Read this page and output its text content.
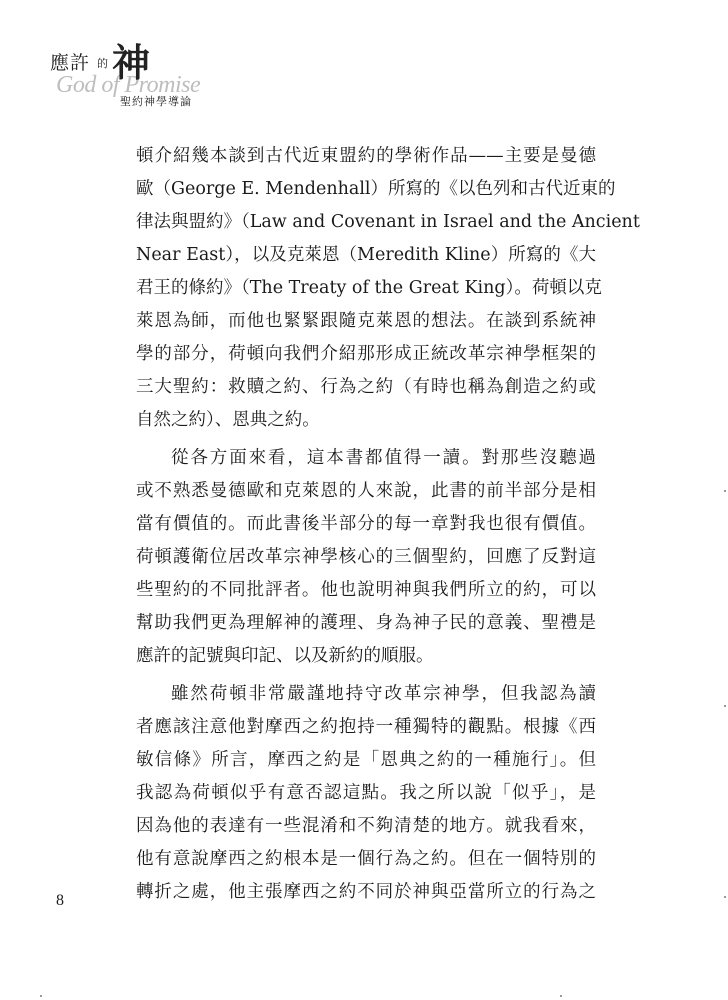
God of Promise
應許 的 神
聖約神學導論
頓介紹幾本談到古代近東盟約的學術作品——主要是曼德
歐（George E. Mendenhall）所寫的《以色列和古代近東的
律法與盟約》（Law and Covenant in Israel and the Ancient
Near East），以及克萊恩（Meredith Kline）所寫的《大
君王的條約》（The Treaty of the Great King）。荷頓以克
萊恩為師，而他也緊緊跟隨克萊恩的想法。在談到系統神
學的部分，荷頓向我們介紹那形成正統改革宗神學框架的
三大聖約：救贖之約、行為之約（有時也稱為創造之約或
自然之約）、恩典之約。
從各方面來看，這本書都值得一讀。對那些沒聽過
或不熟悉曼德歐和克萊恩的人來說，此書的前半部分是相
當有價值的。而此書後半部分的每一章對我也很有價值。
荷頓護衛位居改革宗神學核心的三個聖約，回應了反對這
些聖約的不同批評者。他也說明神與我們所立的約，可以
幫助我們更為理解神的護理、身為神子民的意義、聖禮是
應許的記號與印記、以及新約的順服。
雖然荷頓非常嚴謹地持守改革宗神學，但我認為讀
者應該注意他對摩西之約抱持一種獨特的觀點。根據《西
敏信條》所言，摩西之約是「恩典之約的一種施行」。但
我認為荷頓似乎有意否認這點。我之所以說「似乎」，是
因為他的表達有一些混淆和不夠清楚的地方。就我看來，
他有意說摩西之約根本是一個行為之約。但在一個特別的
轉折之處，他主張摩西之約不同於神與亞當所立的行為之
8
